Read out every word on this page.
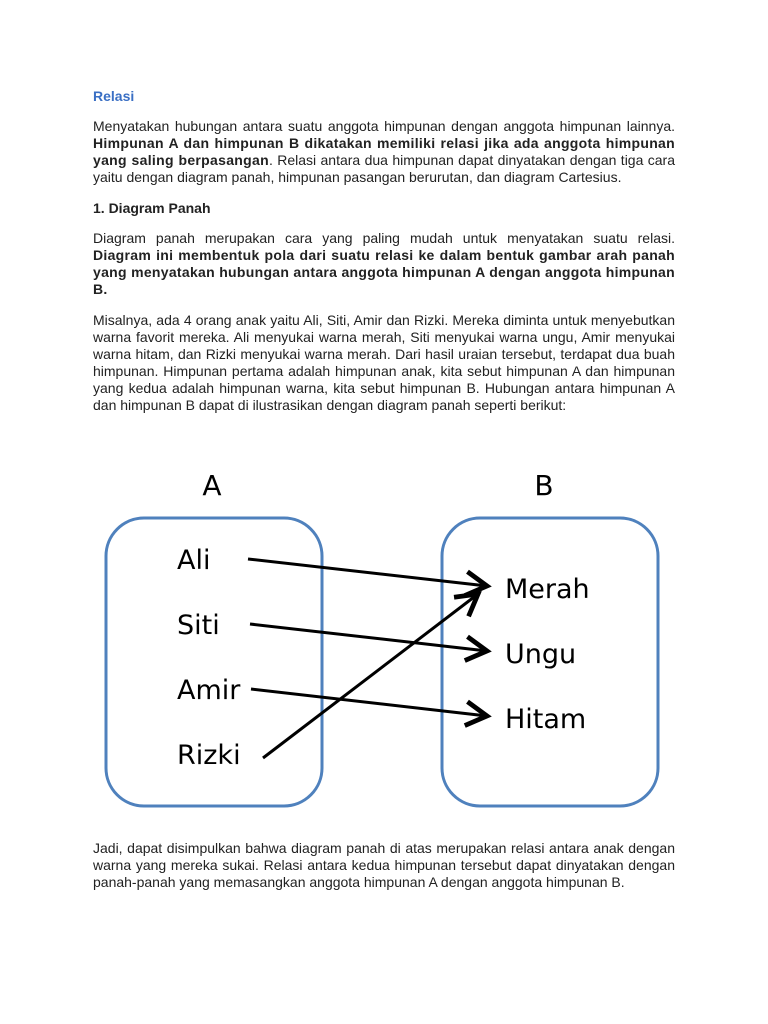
Relasi

Menyatakan hubungan antara suatu anggota himpunan dengan anggota himpunan lainnya. Himpunan A dan himpunan B dikatakan memiliki relasi jika ada anggota himpunan yang saling berpasangan. Relasi antara dua himpunan dapat dinyatakan dengan tiga cara yaitu dengan diagram panah, himpunan pasangan berurutan, dan diagram Cartesius.

1. Diagram Panah

Diagram panah merupakan cara yang paling mudah untuk menyatakan suatu relasi. Diagram ini membentuk pola dari suatu relasi ke dalam bentuk gambar arah panah yang menyatakan hubungan antara anggota himpunan A dengan anggota himpunan B.

Misalnya, ada 4 orang anak yaitu Ali, Siti, Amir dan Rizki. Mereka diminta untuk menyebutkan warna favorit mereka. Ali menyukai warna merah, Siti menyukai warna ungu, Amir menyukai warna hitam, dan Rizki menyukai warna merah. Dari hasil uraian tersebut, terdapat dua buah himpunan. Himpunan pertama adalah himpunan anak, kita sebut himpunan A dan himpunan yang kedua adalah himpunan warna, kita sebut himpunan B. Hubungan antara himpunan A dan himpunan B dapat di ilustrasikan dengan diagram panah seperti berikut:

A	B
Ali
Siti
Amir
Rizki
Merah
Ungu
Hitam

Jadi, dapat disimpulkan bahwa diagram panah di atas merupakan relasi antara anak dengan warna yang mereka sukai. Relasi antara kedua himpunan tersebut dapat dinyatakan dengan panah-panah yang memasangkan anggota himpunan A dengan anggota himpunan B.
